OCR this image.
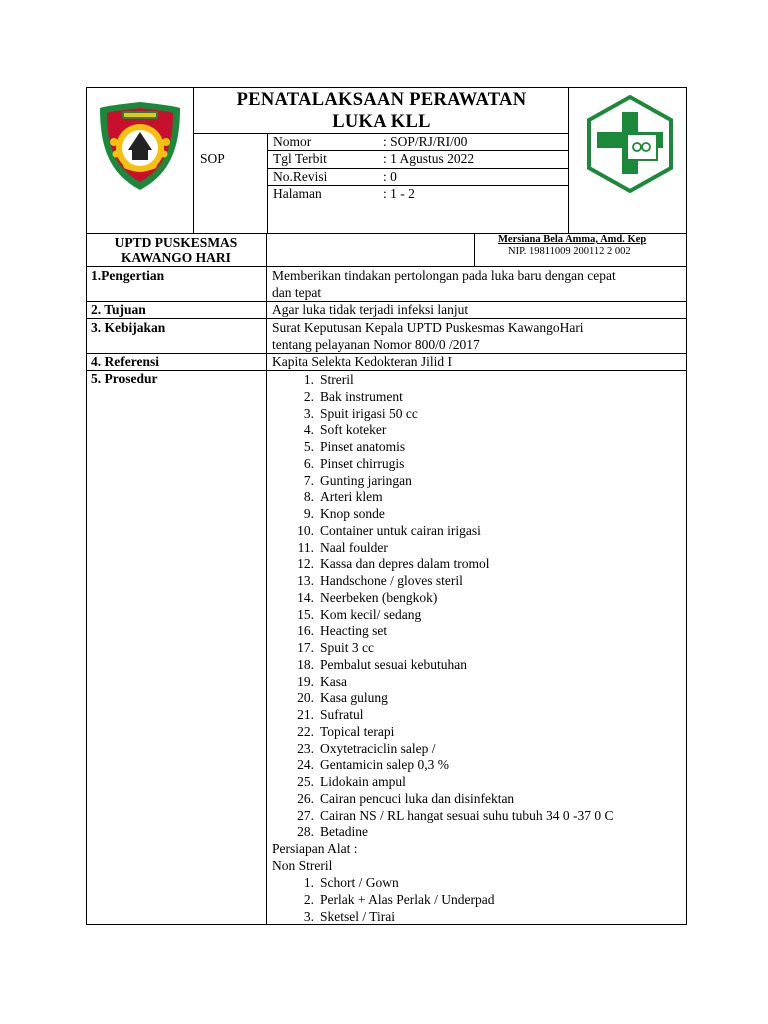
PENATALAKSAAN PERAWATAN
LUKA KLL
SOP
Nomor	: SOP/RJ/RI/00
Tgl Terbit	: 1 Agustus 2022
No.Revisi	: 0
Halaman	: 1 - 2
UPTD PUSKESMAS
KAWANGO HARI
Mersiana Bela Amma, Amd. Kep
NIP. 19811009 200112 2 002
1.Pengertian	Memberikan tindakan pertolongan pada luka baru dengan cepat
dan tepat
2. Tujuan	Agar luka tidak terjadi infeksi lanjut
3. Kebijakan	Surat Keputusan Kepala UPTD Puskesmas KawangoHari
tentang pelayanan Nomor 800/0 /2017
4. Referensi	Kapita Selekta Kedokteran Jilid I
5. Prosedur	1. Streril
2. Bak instrument
3. Spuit irigasi 50 cc
4. Soft koteker
5. Pinset anatomis
6. Pinset chirrugis
7. Gunting jaringan
8. Arteri klem
9. Knop sonde
10. Container untuk cairan irigasi
11. Naal foulder
12. Kassa dan depres dalam tromol
13. Handschone / gloves steril
14. Neerbeken (bengkok)
15. Kom kecil/ sedang
16. Heacting set
17. Spuit 3 cc
18. Pembalut sesuai kebutuhan
19. Kasa
20. Kasa gulung
21. Sufratul
22. Topical terapi
23. Oxytetraciclin salep /
24. Gentamicin salep 0,3 %
25. Lidokain ampul
26. Cairan pencuci luka dan disinfektan
27. Cairan NS / RL hangat sesuai suhu tubuh 34 0 -37 0 C
28. Betadine
Persiapan Alat :
Non Streril
1. Schort / Gown
2. Perlak + Alas Perlak / Underpad
3. Sketsel / Tirai
